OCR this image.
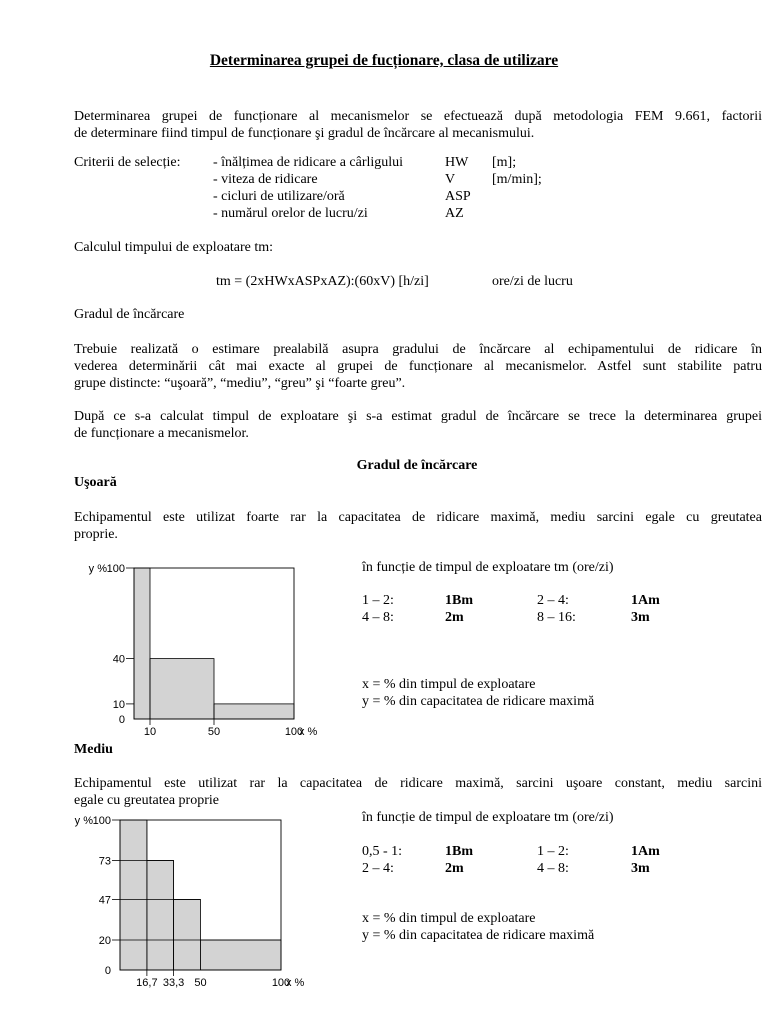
Determinarea grupei de fucționare, clasa de utilizare
Determinarea grupei de funcționare al mecanismelor se efectuează după metodologia FEM 9.661, factorii
de determinare fiind timpul de funcționare şi gradul de încărcare al mecanismului.
Criterii de selecție: - înălțimea de ridicare a cârligului	HW [m];
- viteza de ridicare	V	[m/min];
- cicluri de utilizare/oră	ASP
- numărul orelor de lucru/zi	AZ
Calculul timpului de exploatare tm:
tm = (2xHWxASPxAZ):(60xV) [h/zi]	ore/zi de lucru
Gradul de încărcare
Trebuie realizată o estimare prealabilă asupra gradului de încărcare al echipamentului de ridicare în
vederea determinării cât mai exacte al grupei de funcționare al mecanismelor. Astfel sunt stabilite patru
grupe distincte: “uşoară”, “mediu”, “greu” şi “foarte greu”.
După ce s-a calculat timpul de exploatare şi s-a estimat gradul de încărcare se trece la determinarea grupei
de funcționare a mecanismelor.
Gradul de încărcare
Uşoară
Echipamentul este utilizat foarte rar la capacitatea de ridicare maximă, mediu sarcini egale cu greutatea
proprie.
0
10
40
100
y %
10	50	100
x %
0
20
47
73
100
y %
16,7 33,3 50	100
x %
în funcție de timpul de exploatare tm (ore/zi)
1 – 2:	1Bm	2 – 4:	1Am
4 – 8:	2m	8 – 16:	3m
x = % din timpul de exploatare
y = % din capacitatea de ridicare maximă
Mediu
Echipamentul este utilizat rar la capacitatea de ridicare maximă, sarcini uşoare constant, mediu sarcini
egale cu greutatea proprie
în funcție de timpul de exploatare tm (ore/zi)
0,5 - 1:	1Bm	1 – 2:	1Am
2 – 4:	2m	4 – 8:	3m
x = % din timpul de exploatare
y = % din capacitatea de ridicare maximă
